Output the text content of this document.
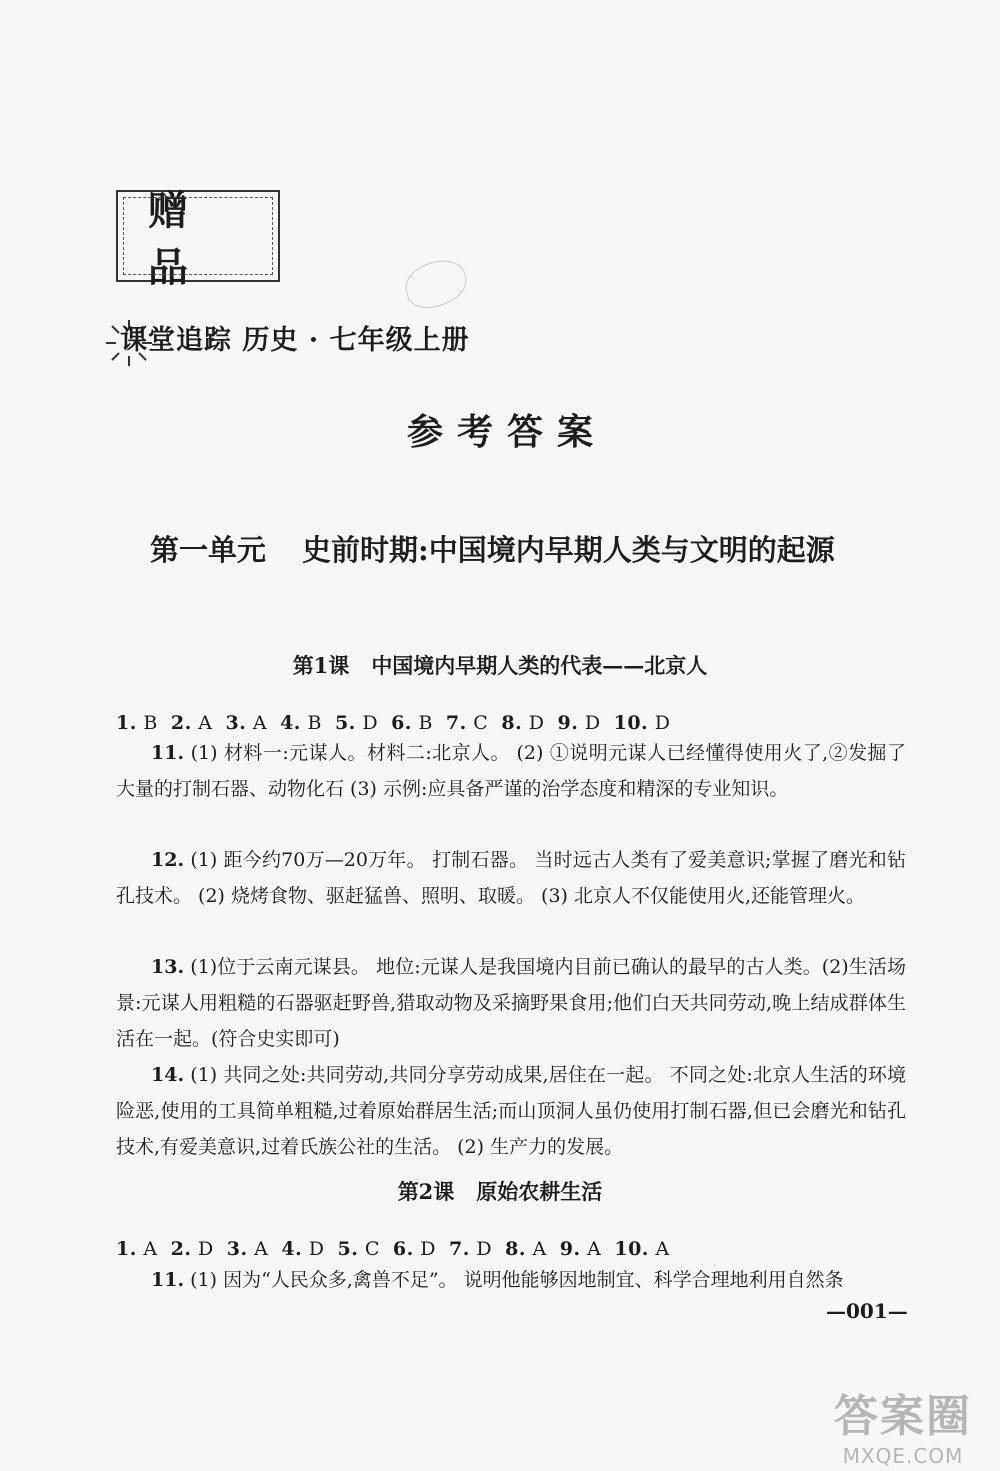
赠 品
课堂追踪 历史 · 七年级上册
参考答案
第一单元 史前时期:中国境内早期人类与文明的起源
第1课 中国境内早期人类的代表——北京人
1. B 2. A 3. A 4. B 5. D 6. B 7. C 8. D 9. D 10. D
11. (1) 材料一:元谋人。材料二:北京人。 (2) ①说明元谋人已经懂得使用火了,②发掘了大量的打制石器、动物化石 (3) 示例:应具备严谨的治学态度和精深的专业知识。
12. (1) 距今约70万—20万年。 打制石器。 当时远古人类有了爱美意识;掌握了磨光和钻孔技术。 (2) 烧烤食物、驱赶猛兽、照明、取暖。 (3) 北京人不仅能使用火,还能管理火。
13. (1)位于云南元谋县。 地位:元谋人是我国境内目前已确认的最早的古人类。(2)生活场景:元谋人用粗糙的石器驱赶野兽,猎取动物及采摘野果食用;他们白天共同劳动,晚上结成群体生活在一起。(符合史实即可)
14. (1) 共同之处:共同劳动,共同分享劳动成果,居住在一起。 不同之处:北京人生活的环境险恶,使用的工具简单粗糙,过着原始群居生活;而山顶洞人虽仍使用打制石器,但已会磨光和钻孔技术,有爱美意识,过着氏族公社的生活。 (2) 生产力的发展。
第2课 原始农耕生活
1. A 2. D 3. A 4. D 5. C 6. D 7. D 8. A 9. A 10. A
11. (1) 因为“人民众多,禽兽不足”。 说明他能够因地制宜、科学合理地利用自然条
—001—
答案圈
MXQE.COM
